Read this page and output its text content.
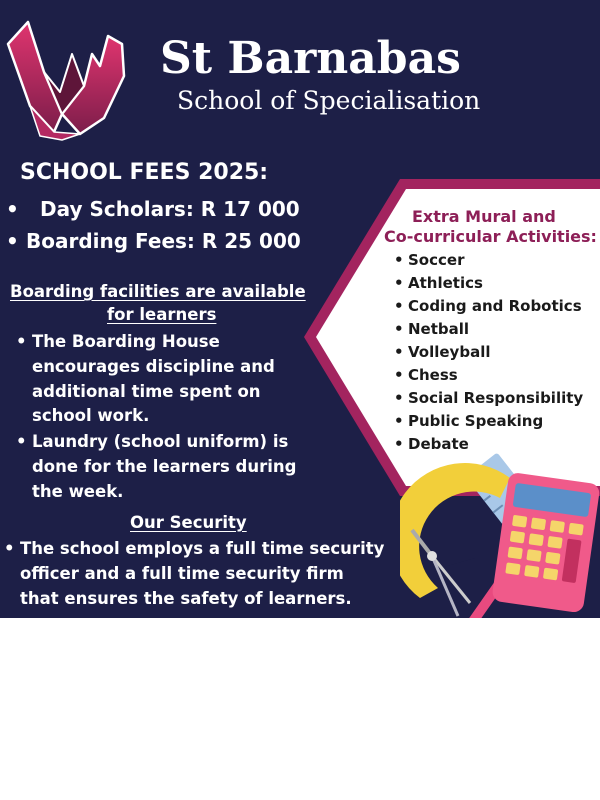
St Barnabas
School of Specialisation
SCHOOL FEES 2025:
• Day Scholars: R 17 000
• Boarding Fees: R 25 000
Boarding facilities are available
for learners
• The Boarding House
encourages discipline and
additional time spent on
school work.
• Laundry (school uniform) is
done for the learners during
the week.
Our Security
• The school employs a full time security
officer and a full time security firm
that ensures the safety of learners.
Extra Mural and
Co-curricular Activities:
• Soccer
• Athletics
• Coding and Robotics
• Netball
• Volleyball
• Chess
• Social Responsibility
• Public Speaking
• Debate
